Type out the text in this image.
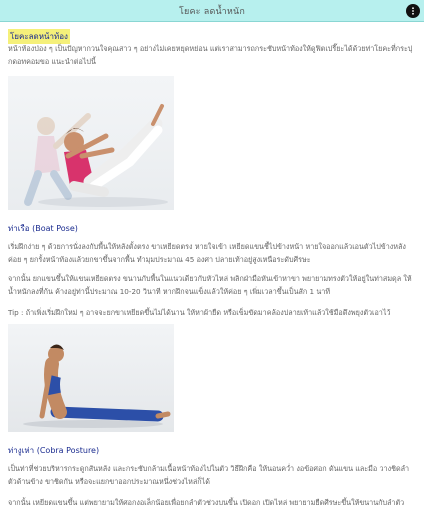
โยคะ ลดน้ำหนัก
โยคะลดหน้าท้อง

หน้าท้องป่อง ๆ เป็นปัญหากวนใจคุณสาว ๆ อย่างไม่เคยหยุดหย่อน แต่เราสามารถกระชับหน้าท้องให้ดูฟิตเปรี๊ยะได้ด้วยท่าโยคะที่กระปุกดอทคอมขอ แนะนำต่อไปนี้

ท่าเรือ (Boat Pose)

เริ่มฝึกง่าย ๆ ด้วยการนั่งลงกับพื้นให้หลังตั้งตรง ขาเหยียดตรง หายใจเข้า เหยียดแขนชี้ไปข้างหน้า หายใจออกแล้วเอนตัวไปข้างหลัง ค่อย ๆ ยกรั้งหน้าท้องแล้วยกขาขึ้นจากพื้น ทำมุมประมาณ 45 องศา ปลายเท้าอยู่สูงเหนือระดับศีรษะ

จากนั้น ยกแขนขึ้นให้แขนเหยียดตรง ขนานกับพื้นในแนวเดียวกับหัวไหล่ พลิกฝ่ามือหันเข้าหาขา พยายามทรงตัวให้อยู่ในท่าสมดุล ให้น้ำหนักลงที่ก้น ค้างอยู่ท่านี้ประมาณ 10-20 วินาที หากฝึกจนแข็งแล้วให้ค่อย ๆ เพิ่มเวลาขึ้นเป็นสัก 1 นาที

Tip : ถ้าเพิ่งเริ่มฝึกใหม่ ๆ อาจจะยกขาเหยียดขึ้นไม่ได้นาน ให้หาผ้ายืด หรือเข็มขัดมาคล้องปลายเท้าแล้วใช้มือดึงพยุงตัวเอาไว้

ท่างูเห่า (Cobra Posture)

เป็นท่าที่ช่วยบริหารกระดูกสันหลัง และกระชับกล้ามเนื้อหน้าท้องไปในตัว วิธีฝึกคือ ให้นอนคว่ำ งอข้อศอก ดันแขน และมือ วางชิดลำตัวด้านข้าง ขาชิดกัน หรือจะแยกขาออกประมาณหนึ่งช่วงไหล่ก็ได้

จากนั้น เหยียดแขนขึ้น แต่พยายามให้ศอกงอเล็กน้อยเพื่อยกลำตัวช่วงบนขึ้น เปิดอก เปิดไหล่ พยายามยืดศีรษะขึ้นให้ขนานกับลำตัว
